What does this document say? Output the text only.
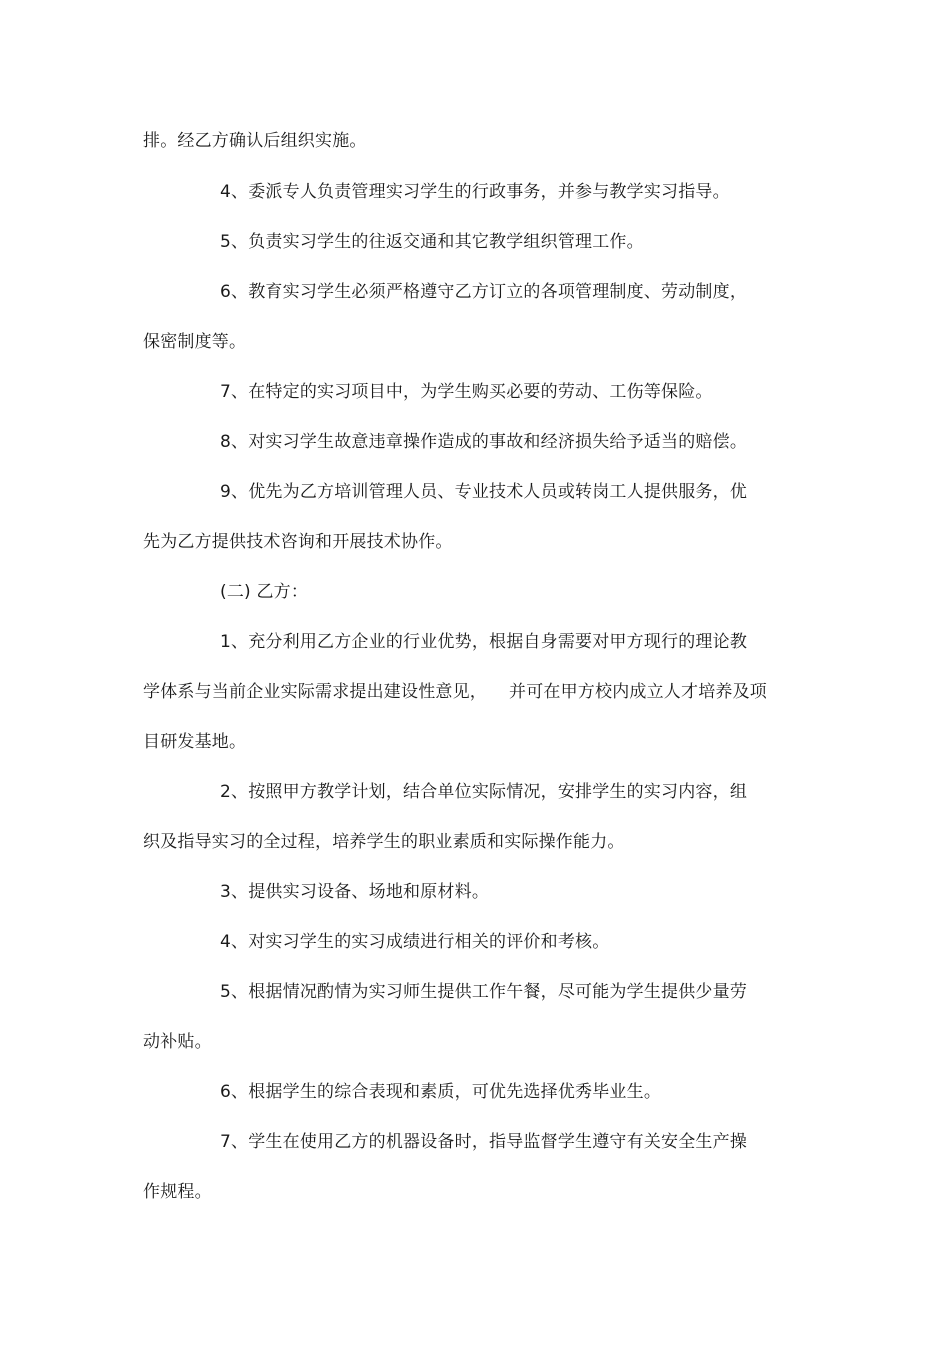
排。经乙方确认后组织实施。

4、委派专人负责管理实习学生的行政事务，并参与教学实习指导。

5、负责实习学生的往返交通和其它教学组织管理工作。

6、教育实习学生必须严格遵守乙方订立的各项管理制度、劳动制度，

保密制度等。

7、在特定的实习项目中，为学生购买必要的劳动、工伤等保险。

8、对实习学生故意违章操作造成的事故和经济损失给予适当的赔偿。

9、优先为乙方培训管理人员、专业技术人员或转岗工人提供服务，优

先为乙方提供技术咨询和开展技术协作。

(二) 乙方：

1、充分利用乙方企业的行业优势，根据自身需要对甲方现行的理论教

学体系与当前企业实际需求提出建设性意见， 并可在甲方校内成立人才培养及项

目研发基地。

2、按照甲方教学计划，结合单位实际情况，安排学生的实习内容，组

织及指导实习的全过程，培养学生的职业素质和实际操作能力。

3、提供实习设备、场地和原材料。

4、对实习学生的实习成绩进行相关的评价和考核。

5、根据情况酌情为实习师生提供工作午餐，尽可能为学生提供少量劳

动补贴。

6、根据学生的综合表现和素质，可优先选择优秀毕业生。

7、学生在使用乙方的机器设备时，指导监督学生遵守有关安全生产操

作规程。
